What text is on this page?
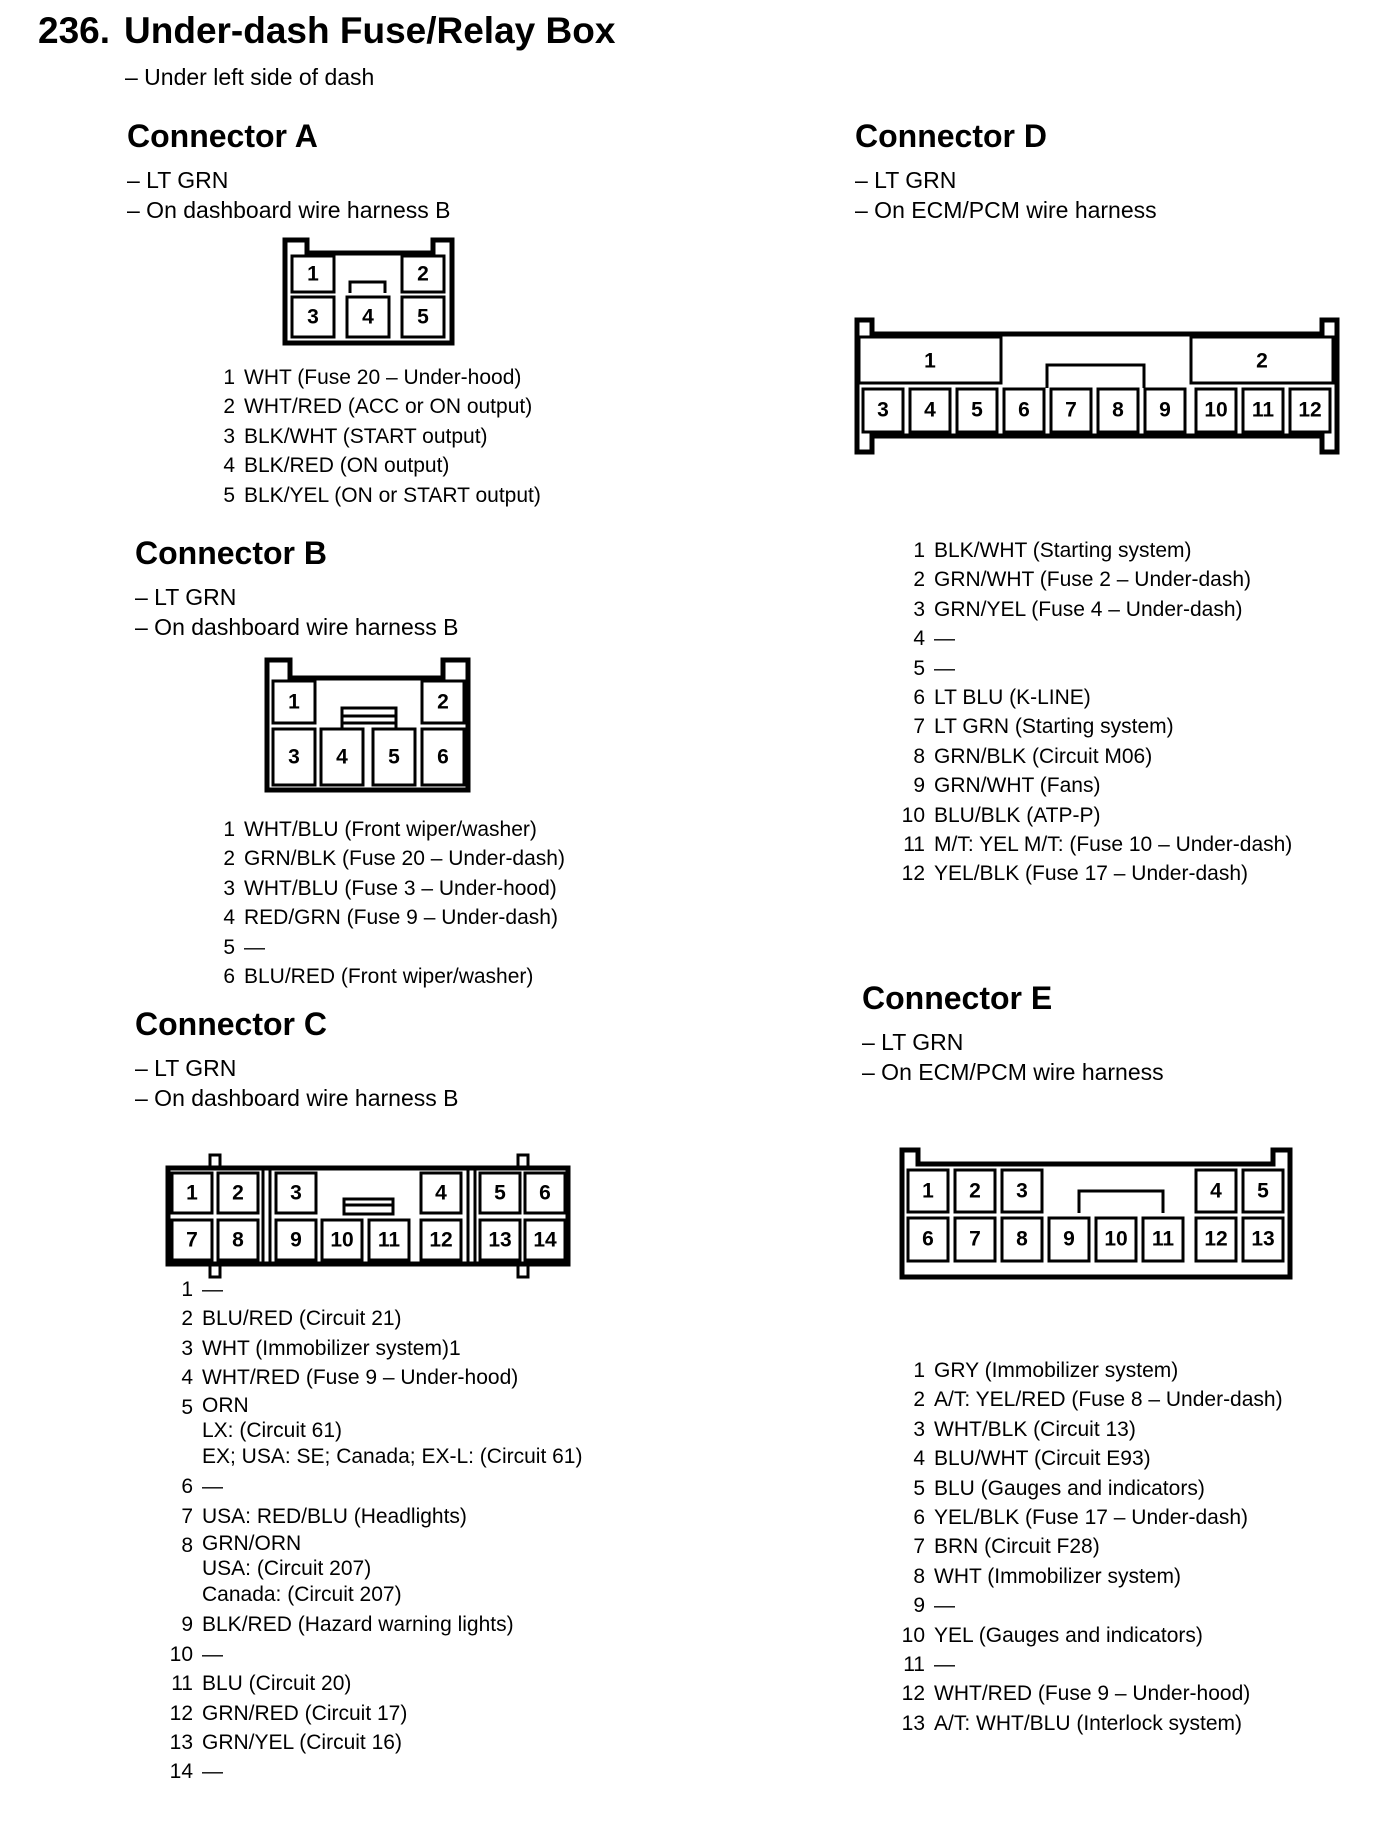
236. Under-dash Fuse/Relay Box
– Under left side of dash
Connector A
– LT GRN
– On dashboard wire harness B
1	2
3 4 5
1 WHT (Fuse 20 – Under-hood)
2 WHT/RED (ACC or ON output)
3 BLK/WHT (START output)
4 BLK/RED (ON output)
5 BLK/YEL (ON or START output)
Connector B
– LT GRN
– On dashboard wire harness B
1	2
3 4 5 6
1 WHT/BLU (Front wiper/washer)
2 GRN/BLK (Fuse 20 – Under-dash)
3 WHT/BLU (Fuse 3 – Under-hood)
4 RED/GRN (Fuse 9 – Under-dash)
5 —
6 BLU/RED (Front wiper/washer)
Connector C
– LT GRN
– On dashboard wire harness B
1 2 3	4 5 6
7 8 9 10 11 12 13 14
1 —
2 BLU/RED (Circuit 21)
3 WHT (Immobilizer system)1
4 WHT/RED (Fuse 9 – Under-hood)
5 ORN
LX: (Circuit 61)
EX; USA: SE; Canada; EX-L: (Circuit 61)
6 —
7 USA: RED/BLU (Headlights)
8 GRN/ORN
USA: (Circuit 207)
Canada: (Circuit 207)
9 BLK/RED (Hazard warning lights)
10 —
11 BLU (Circuit 20)
12 GRN/RED (Circuit 17)
13 GRN/YEL (Circuit 16)
14 —
Connector D
– LT GRN
– On ECM/PCM wire harness
1	2
3 4 5 6 7 8 9 10 11 12
1 BLK/WHT (Starting system)
2 GRN/WHT (Fuse 2 – Under-dash)
3 GRN/YEL (Fuse 4 – Under-dash)
4 —
5 —
6 LT BLU (K-LINE)
7 LT GRN (Starting system)
8 GRN/BLK (Circuit M06)
9 GRN/WHT (Fans)
10 BLU/BLK (ATP-P)
11 M/T: YEL M/T: (Fuse 10 – Under-dash)
12 YEL/BLK (Fuse 17 – Under-dash)
Connector E
– LT GRN
– On ECM/PCM wire harness
1 2 3	4 5
6 7 8 9 10 11 12 13
1 GRY (Immobilizer system)
2 A/T: YEL/RED (Fuse 8 – Under-dash)
3 WHT/BLK (Circuit 13)
4 BLU/WHT (Circuit E93)
5 BLU (Gauges and indicators)
6 YEL/BLK (Fuse 17 – Under-dash)
7 BRN (Circuit F28)
8 WHT (Immobilizer system)
9 —
10 YEL (Gauges and indicators)
11 —
12 WHT/RED (Fuse 9 – Under-hood)
13 A/T: WHT/BLU (Interlock system)
